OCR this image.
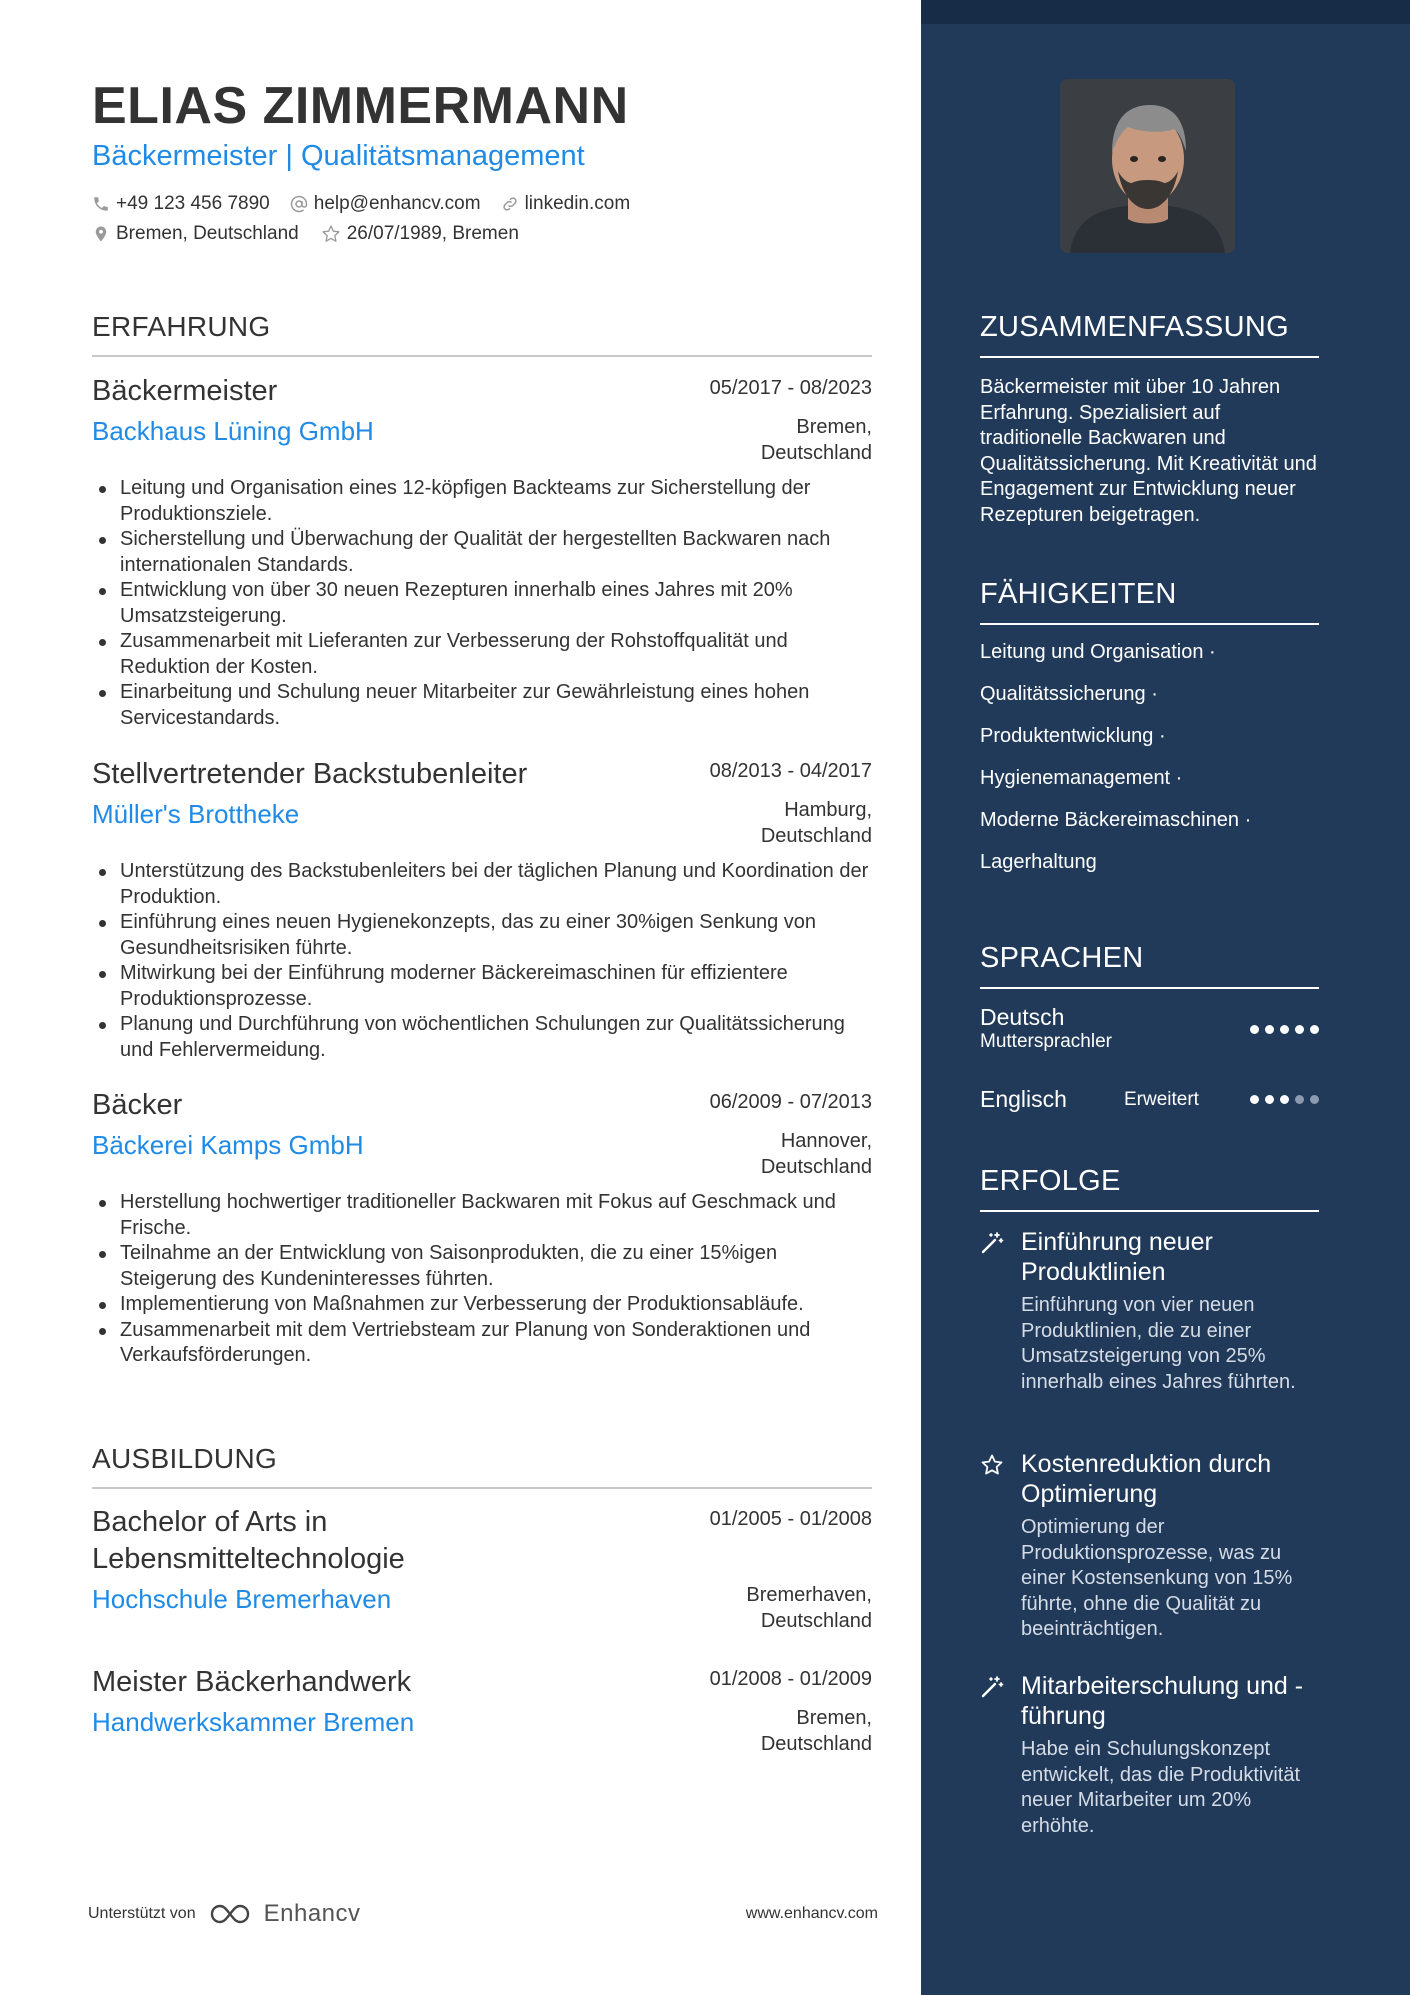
ELIAS ZIMMERMANN
Bäckermeister | Qualitätsmanagement
+49 123 456 7890 help@enhancv.com linkedin.com
Bremen, Deutschland	26/07/1989, Bremen
ERFAHRUNG
Bäckermeister	05/2017 - 08/2023
Backhaus Lüning GmbH	Bremen,
Deutschland
Leitung und Organisation eines 12-köpfigen Backteams zur Sicherstellung der Produktionsziele.
Sicherstellung und Überwachung der Qualität der hergestellten Backwaren nach internationalen Standards.
Entwicklung von über 30 neuen Rezepturen innerhalb eines Jahres mit 20% Umsatzsteigerung.
Zusammenarbeit mit Lieferanten zur Verbesserung der Rohstoffqualität und Reduktion der Kosten.
Einarbeitung und Schulung neuer Mitarbeiter zur Gewährleistung eines hohen Servicestandards.
Stellvertretender Backstubenleiter	08/2013 - 04/2017
Müller's Brottheke	Hamburg,
Deutschland
Unterstützung des Backstubenleiters bei der täglichen Planung und Koordination der Produktion.
Einführung eines neuen Hygienekonzepts, das zu einer 30%igen Senkung von Gesundheitsrisiken führte.
Mitwirkung bei der Einführung moderner Bäckereimaschinen für effizientere Produktionsprozesse.
Planung und Durchführung von wöchentlichen Schulungen zur Qualitätssicherung und Fehlervermeidung.
Bäcker	06/2009 - 07/2013
Bäckerei Kamps GmbH	Hannover,
Deutschland
Herstellung hochwertiger traditioneller Backwaren mit Fokus auf Geschmack und Frische.
Teilnahme an der Entwicklung von Saisonprodukten, die zu einer 15%igen Steigerung des Kundeninteresses führten.
Implementierung von Maßnahmen zur Verbesserung der Produktionsabläufe.
Zusammenarbeit mit dem Vertriebsteam zur Planung von Sonderaktionen und Verkaufsförderungen.
AUSBILDUNG
Bachelor of Arts in
Lebensmitteltechnologie
01/2005 - 01/2008
Hochschule Bremerhaven	Bremerhaven,
Deutschland
Meister Bäckerhandwerk	01/2008 - 01/2009
Handwerkskammer Bremen	Bremen,
Deutschland
Unterstützt von	Enhancv	www.enhancv.com
ZUSAMMENFASSUNG
Bäckermeister mit über 10 Jahren Erfahrung. Spezialisiert auf traditionelle Backwaren und Qualitätssicherung. Mit Kreativität und Engagement zur Entwicklung neuer Rezepturen beigetragen.
FÄHIGKEITEN
Leitung und Organisation ·
Qualitätssicherung ·
Produktentwicklung ·
Hygienemanagement ·
Moderne Bäckereimaschinen ·
Lagerhaltung
SPRACHEN
Deutsch
Muttersprachler
Englisch	Erweitert
ERFOLGE
Einführung neuer Produktlinien
Einführung von vier neuen Produktlinien, die zu einer Umsatzsteigerung von 25% innerhalb eines Jahres führten.
Kostenreduktion durch Optimierung
Optimierung der Produktionsprozesse, was zu einer Kostensenkung von 15% führte, ohne die Qualität zu beeinträchtigen.
Mitarbeiterschulung und -führung
Habe ein Schulungskonzept entwickelt, das die Produktivität neuer Mitarbeiter um 20% erhöhte.
